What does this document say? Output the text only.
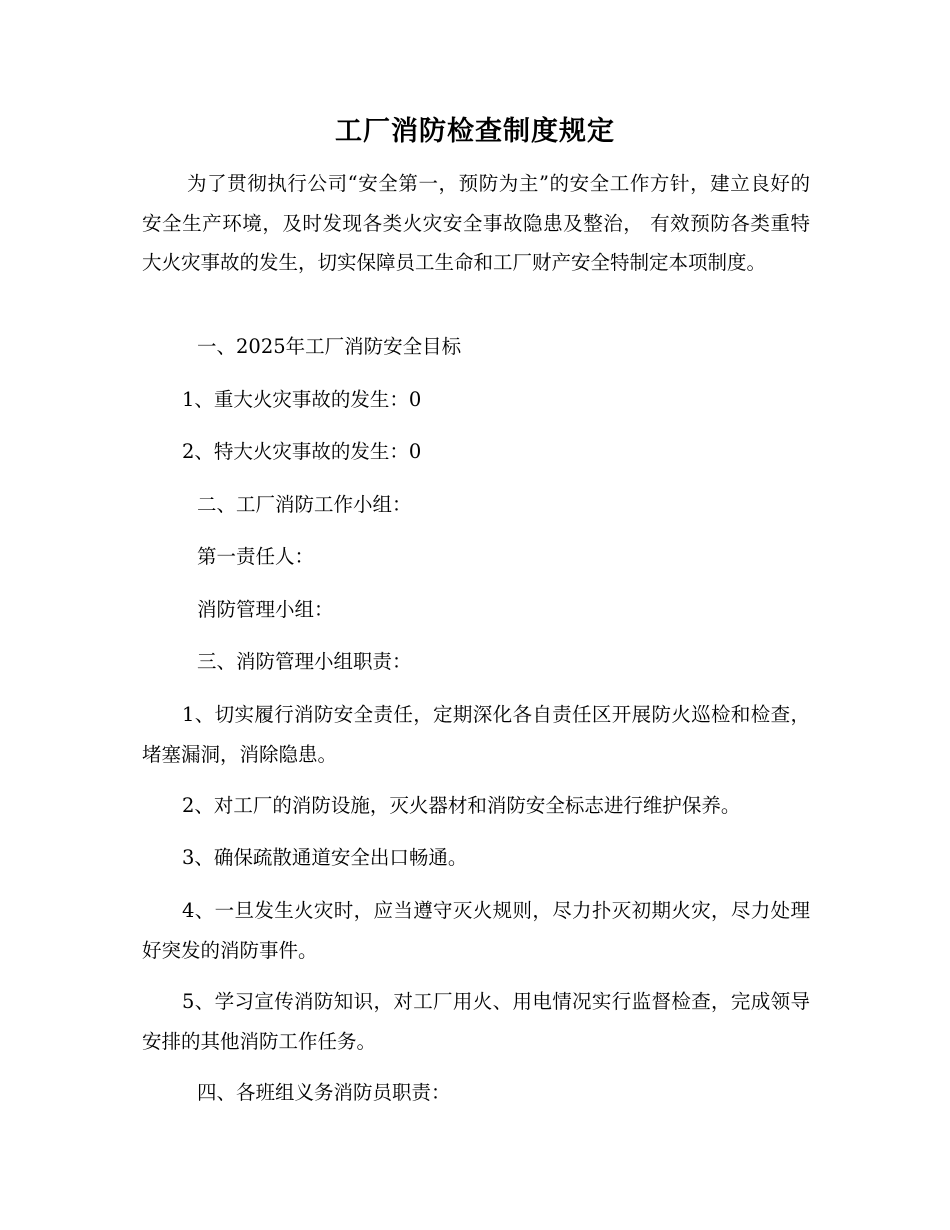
工厂消防检查制度规定

为了贯彻执行公司“安全第一，预防为主”的安全工作方针，建立良好的安全生产环境，及时发现各类火灾安全事故隐患及整治， 有效预防各类重特大火灾事故的发生，切实保障员工生命和工厂财产安全特制定本项制度。

一、2025年工厂消防安全目标

1、重大火灾事故的发生：0

2、特大火灾事故的发生：0

二、工厂消防工作小组：

第一责任人：

消防管理小组：

三、消防管理小组职责：

1、切实履行消防安全责任，定期深化各自责任区开展防火巡检和检查，堵塞漏洞，消除隐患。

2、对工厂的消防设施，灭火器材和消防安全标志进行维护保养。

3、确保疏散通道安全出口畅通。

4、一旦发生火灾时，应当遵守灭火规则，尽力扑灭初期火灾，尽力处理好突发的消防事件。

5、学习宣传消防知识，对工厂用火、用电情况实行监督检查，完成领导安排的其他消防工作任务。

四、各班组义务消防员职责：
